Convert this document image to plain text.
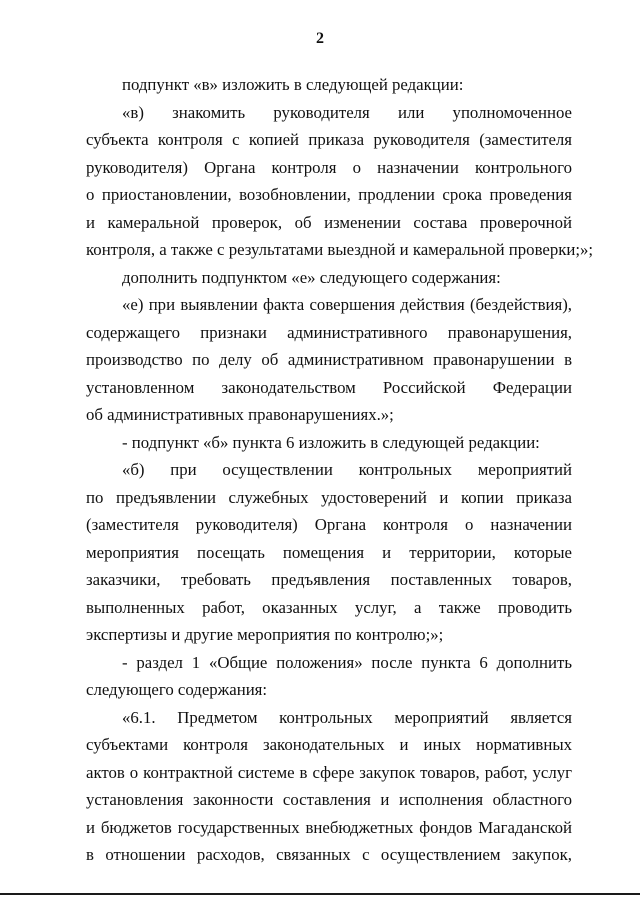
2
подпункт «в» изложить в следующей редакции:
«в) знакомить руководителя или уполномоченное
субъекта контроля с копией приказа руководителя (заместителя
руководителя) Органа контроля о назначении контрольного
о приостановлении, возобновлении, продлении срока проведения
и камеральной проверок, об изменении состава проверочной
контроля, а также с результатами выездной и камеральной проверки;»;
дополнить подпунктом «е» следующего содержания:
«е) при выявлении факта совершения действия (бездействия),
содержащего признаки административного правонарушения,
производство по делу об административном правонарушении в
установленном законодательством Российской Федерации
об административных правонарушениях.»;
- подпункт «б» пункта 6 изложить в следующей редакции:
«б) при осуществлении контрольных мероприятий
по предъявлении служебных удостоверений и копии приказа
(заместителя руководителя) Органа контроля о назначении
мероприятия посещать помещения и территории, которые
заказчики, требовать предъявления поставленных товаров,
выполненных работ, оказанных услуг, а также проводить
экспертизы и другие мероприятия по контролю;»;
- раздел 1 «Общие положения» после пункта 6 дополнить
следующего содержания:
«6.1. Предметом контрольных мероприятий является
субъектами контроля законодательных и иных нормативных
актов о контрактной системе в сфере закупок товаров, работ, услуг
установления законности составления и исполнения областного
и бюджетов государственных внебюджетных фондов Магаданской
в отношении расходов, связанных с осуществлением закупок,
